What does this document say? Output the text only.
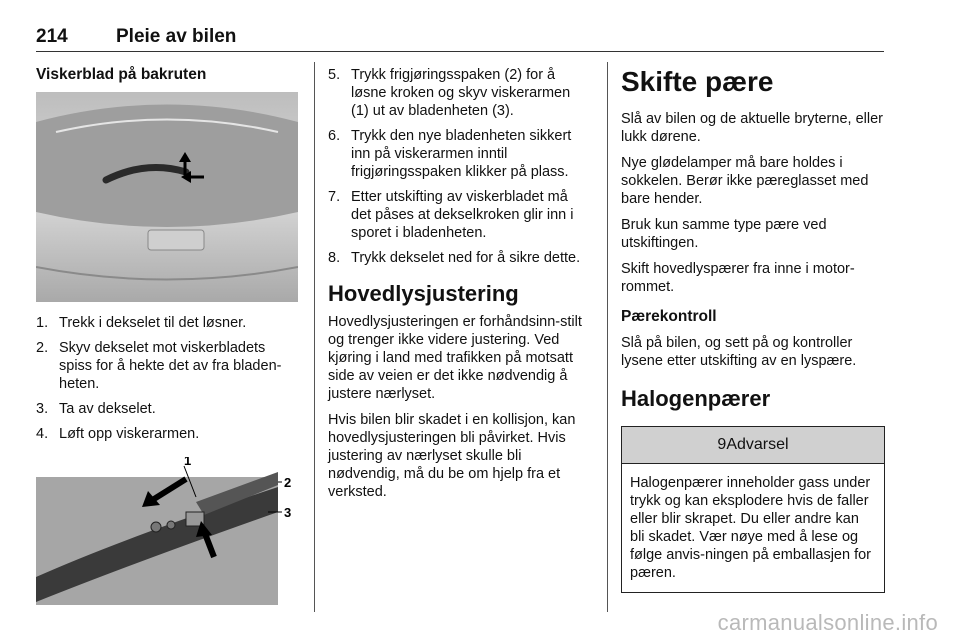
214	Pleie av bilen
Viskerblad på bakruten
1. Trekk i dekselet til det løsner.
2. Skyv dekselet mot viskerbladets spiss for å hekte det av fra bladen-heten.
3. Ta av dekselet.
4. Løft opp viskerarmen.
1
2
3
5. Trykk frigjøringsspaken (2) for å løsne kroken og skyv viskerarmen (1) ut av bladenheten (3).
6. Trykk den nye bladenheten sikkert inn på viskerarmen inntil frigjøringsspaken klikker på plass.
7. Etter utskifting av viskerbladet må det påses at dekselkroken glir inn i sporet i bladenheten.
8. Trykk dekselet ned for å sikre dette.
Hovedlysjustering

Hovedlysjusteringen er forhåndsinn-stilt og trenger ikke videre justering. Ved kjøring i land med trafikken på motsatt side av veien er det ikke nødvendig å justere nærlyset.

Hvis bilen blir skadet i en kollisjon, kan hovedlysjusteringen bli påvirket. Hvis justering av nærlyset skulle bli nødvendig, må du be om hjelp fra et verksted.

Skifte pære

Slå av bilen og de aktuelle bryterne, eller lukk dørene.

Nye glødelamper må bare holdes i sokkelen. Berør ikke pæreglasset med bare hender.

Bruk kun samme type pære ved utskiftingen.

Skift hovedlyspærer fra inne i motor-rommet.

Pærekontroll

Slå på bilen, og sett på og kontroller lysene etter utskifting av en lyspære.

Halogenpærer
9Advarsel
Halogenpærer inneholder gass under trykk og kan eksplodere hvis de faller eller blir skrapet. Du eller andre kan bli skadet. Vær nøye med å lese og følge anvis-ningen på emballasjen for pæren.
carmanualsonline.info
